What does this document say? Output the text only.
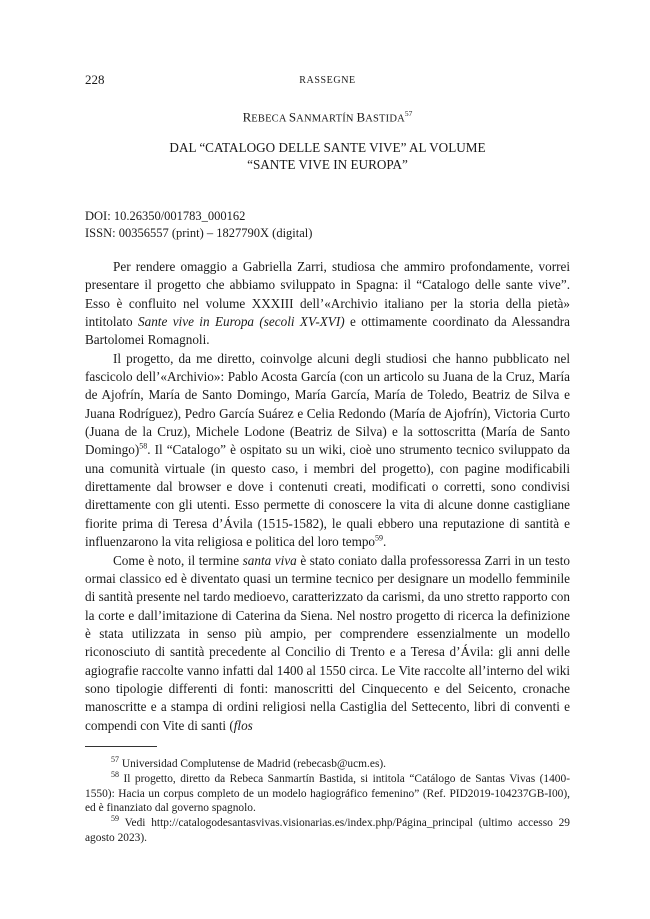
228	RASSEGNE
REBECA SANMARTÍN BASTIDA$^{57}$
DAL “CATALOGO DELLE SANTE VIVE” AL VOLUME
“SANTE VIVE IN EUROPA”
DOI: 10.26350/001783_000162
ISSN: 00356557 (print) – 1827790X (digital)

Per rendere omaggio a Gabriella Zarri, studiosa che ammiro profondamente, vorrei presentare il progetto che abbiamo sviluppato in Spagna: il “Catalogo delle sante vive”. Esso è confluito nel volume XXXIII dell’«Archivio italiano per la storia della pietà» intitolato Sante vive in Europa (secoli XV-XVI) e ottimamente coordinato da Alessandra Bartolomei Romagnoli.

Il progetto, da me diretto, coinvolge alcuni degli studiosi che hanno pubblicato nel fascicolo dell’«Archivio»: Pablo Acosta García (con un articolo su Juana de la Cruz, María de Ajofrín, María de Santo Domingo, María García, María de Toledo, Beatriz de Silva e Juana Rodríguez), Pedro García Suárez e Celia Redondo (María de Ajofrín), Victoria Curto (Juana de la Cruz), Michele Lodone (Beatriz de Silva) e la sottoscritta (María de Santo Domingo)$^{58}$. Il “Catalogo” è ospitato su un wiki, cioè uno strumento tecnico sviluppato da una comunità virtuale (in questo caso, i membri del progetto), con pagine modificabili direttamente dal browser e dove i contenuti creati, modificati o corretti, sono condivisi direttamente con gli utenti. Esso permette di conoscere la vita di alcune donne castigliane fiorite prima di Teresa d’Ávila (1515-1582), le quali ebbero una reputazione di santità e influenzarono la vita religiosa e politica del loro tempo$^{59}$.

Come è noto, il termine santa viva è stato coniato dalla professoressa Zarri in un testo ormai classico ed è diventato quasi un termine tecnico per designare un modello femminile di santità presente nel tardo medioevo, caratterizzato da carismi, da uno stretto rapporto con la corte e dall’imitazione di Caterina da Siena. Nel nostro progetto di ricerca la definizione è stata utilizzata in senso più ampio, per comprendere essenzialmente un modello riconosciuto di santità precedente al Concilio di Trento e a Teresa d’Ávila: gli anni delle agiografie raccolte vanno infatti dal 1400 al 1550 circa. Le Vite raccolte all’interno del wiki sono tipologie differenti di fonti: manoscritti del Cinquecento e del Seicento, cronache manoscritte e a stampa di ordini religiosi nella Castiglia del Settecento, libri di conventi e compendi con Vite di santi (flos

$^{57}$ Universidad Complutense de Madrid (rebecasb@ucm.es).

$^{58}$ Il progetto, diretto da Rebeca Sanmartín Bastida, si intitola “Catálogo de Santas Vivas (1400-1550): Hacia un corpus completo de un modelo hagiográfico femenino” (Ref. PID2019-104237GB-I00), ed è finanziato dal governo spagnolo.

$^{59}$ Vedi http://catalogodesantasvivas.visionarias.es/index.php/Página_principal (ultimo accesso 29 agosto 2023).
